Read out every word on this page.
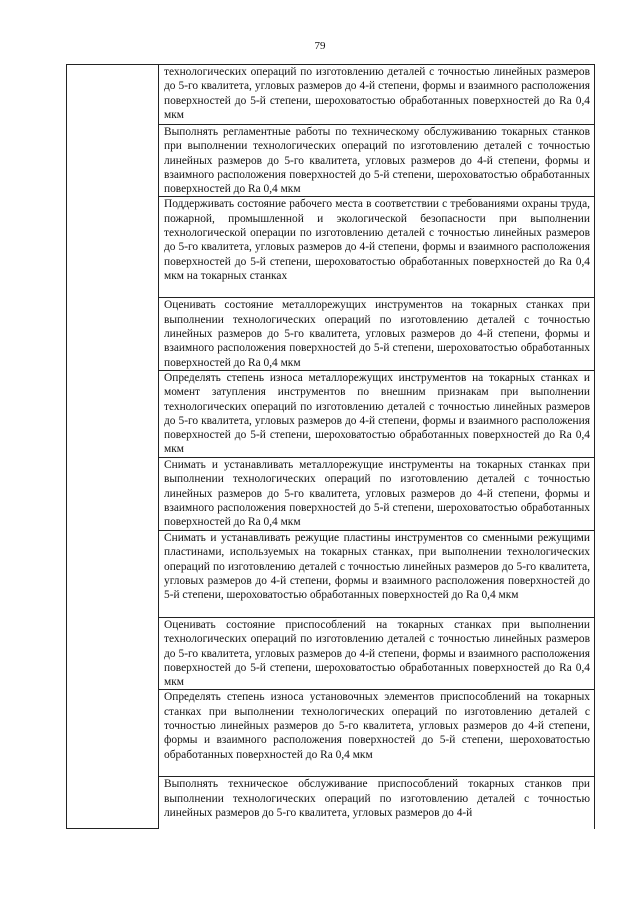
79

технологических операций по изготовлению деталей с точностью линейных размеров до 5-го квалитета, угловых размеров до 4-й степени, формы и взаимного расположения поверхностей до 5-й степени, шероховатостью обработанных поверхностей до Ra 0,4 мкм

Выполнять регламентные работы по техническому обслуживанию токарных станков при выполнении технологических операций по изготовлению деталей с точностью линейных размеров до 5-го квалитета, угловых размеров до 4-й степени, формы и взаимного расположения поверхностей до 5-й степени, шероховатостью обработанных поверхностей до Ra 0,4 мкм

Поддерживать состояние рабочего места в соответствии с требованиями охраны труда, пожарной, промышленной и экологической безопасности при выполнении технологической операции по изготовлению деталей с точностью линейных размеров до 5-го квалитета, угловых размеров до 4-й степени, формы и взаимного расположения поверхностей до 5-й степени, шероховатостью обработанных поверхностей до Ra 0,4 мкм на токарных станках

Оценивать состояние металлорежущих инструментов на токарных станках при выполнении технологических операций по изготовлению деталей с точностью линейных размеров до 5-го квалитета, угловых размеров до 4-й степени, формы и взаимного расположения поверхностей до 5-й степени, шероховатостью обработанных поверхностей до Ra 0,4 мкм

Определять степень износа металлорежущих инструментов на токарных станках и момент затупления инструментов по внешним признакам при выполнении технологических операций по изготовлению деталей с точностью линейных размеров до 5-го квалитета, угловых размеров до 4-й степени, формы и взаимного расположения поверхностей до 5-й степени, шероховатостью обработанных поверхностей до Ra 0,4 мкм

Снимать и устанавливать металлорежущие инструменты на токарных станках при выполнении технологических операций по изготовлению деталей с точностью линейных размеров до 5-го квалитета, угловых размеров до 4-й степени, формы и взаимного расположения поверхностей до 5-й степени, шероховатостью обработанных поверхностей до Ra 0,4 мкм

Снимать и устанавливать режущие пластины инструментов со сменными режущими пластинами, используемых на токарных станках, при выполнении технологических операций по изготовлению деталей с точностью линейных размеров до 5-го квалитета, угловых размеров до 4-й степени, формы и взаимного расположения поверхностей до 5-й степени, шероховатостью обработанных поверхностей до Ra 0,4 мкм

Оценивать состояние приспособлений на токарных станках при выполнении технологических операций по изготовлению деталей с точностью линейных размеров до 5-го квалитета, угловых размеров до 4-й степени, формы и взаимного расположения поверхностей до 5-й степени, шероховатостью обработанных поверхностей до Ra 0,4 мкм

Определять степень износа установочных элементов приспособлений на токарных станках при выполнении технологических операций по изготовлению деталей с точностью линейных размеров до 5-го квалитета, угловых размеров до 4-й степени, формы и взаимного расположения поверхностей до 5-й степени, шероховатостью обработанных поверхностей до Ra 0,4 мкм

Выполнять техническое обслуживание приспособлений токарных станков при выполнении технологических операций по изготовлению деталей с точностью линейных размеров до 5-го квалитета, угловых размеров до 4-й
